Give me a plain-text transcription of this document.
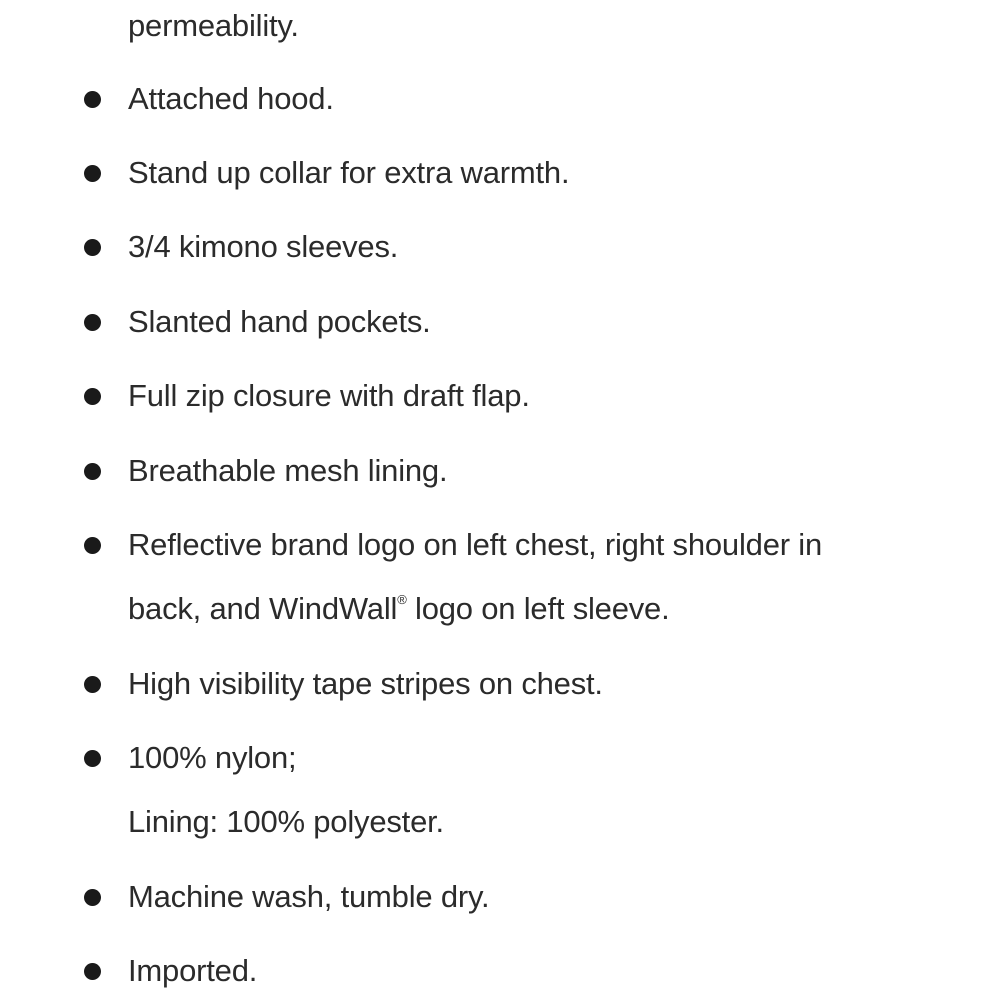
permeability.
Attached hood.
Stand up collar for extra warmth.
3/4 kimono sleeves.
Slanted hand pockets.
Full zip closure with draft flap.
Breathable mesh lining.
Reflective brand logo on left chest, right shoulder in
back, and WindWall® logo on left sleeve.
High visibility tape stripes on chest.
100% nylon;
Lining: 100% polyester.
Machine wash, tumble dry.
Imported.
